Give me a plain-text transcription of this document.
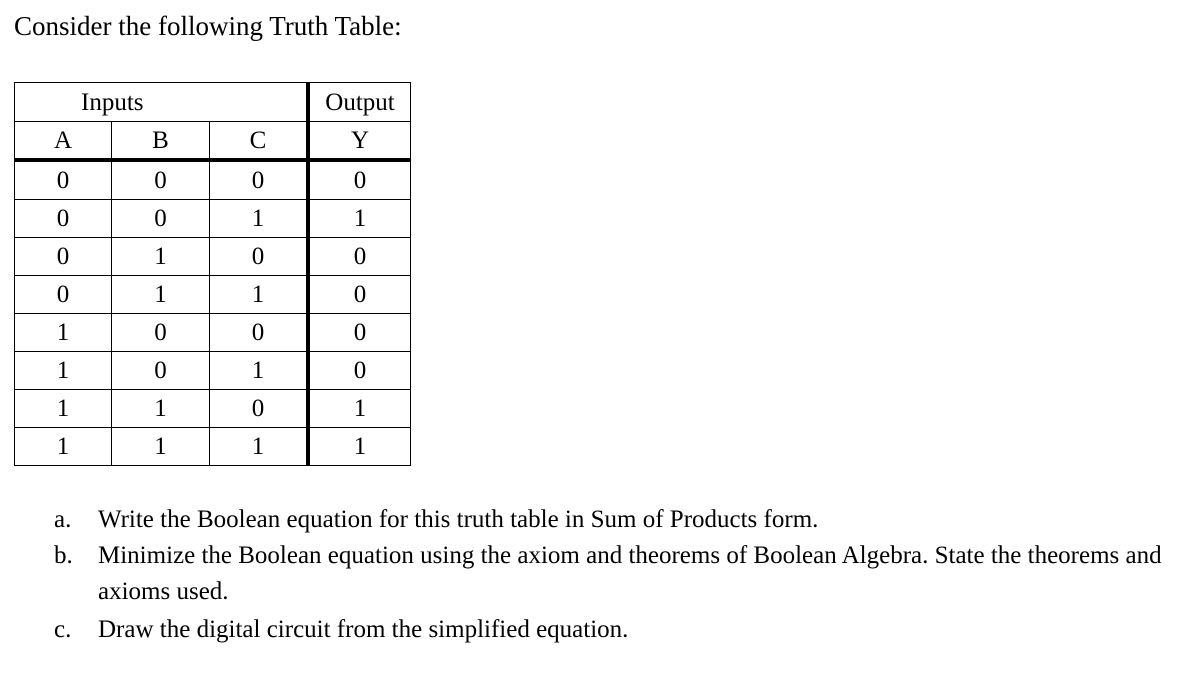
Consider the following Truth Table:
Inputs			Output
A	B	C	Y
0	0	0	0
0	0	1	1
0	1	0	0
0	1	1	0
1	0	0	0
1	0	1	0
1	1	0	1
1	1	1	1
a. Write the Boolean equation for this truth table in Sum of Products form.
b. Minimize the Boolean equation using the axiom and theorems of Boolean Algebra. State the theorems and axioms used.
c. Draw the digital circuit from the simplified equation.
